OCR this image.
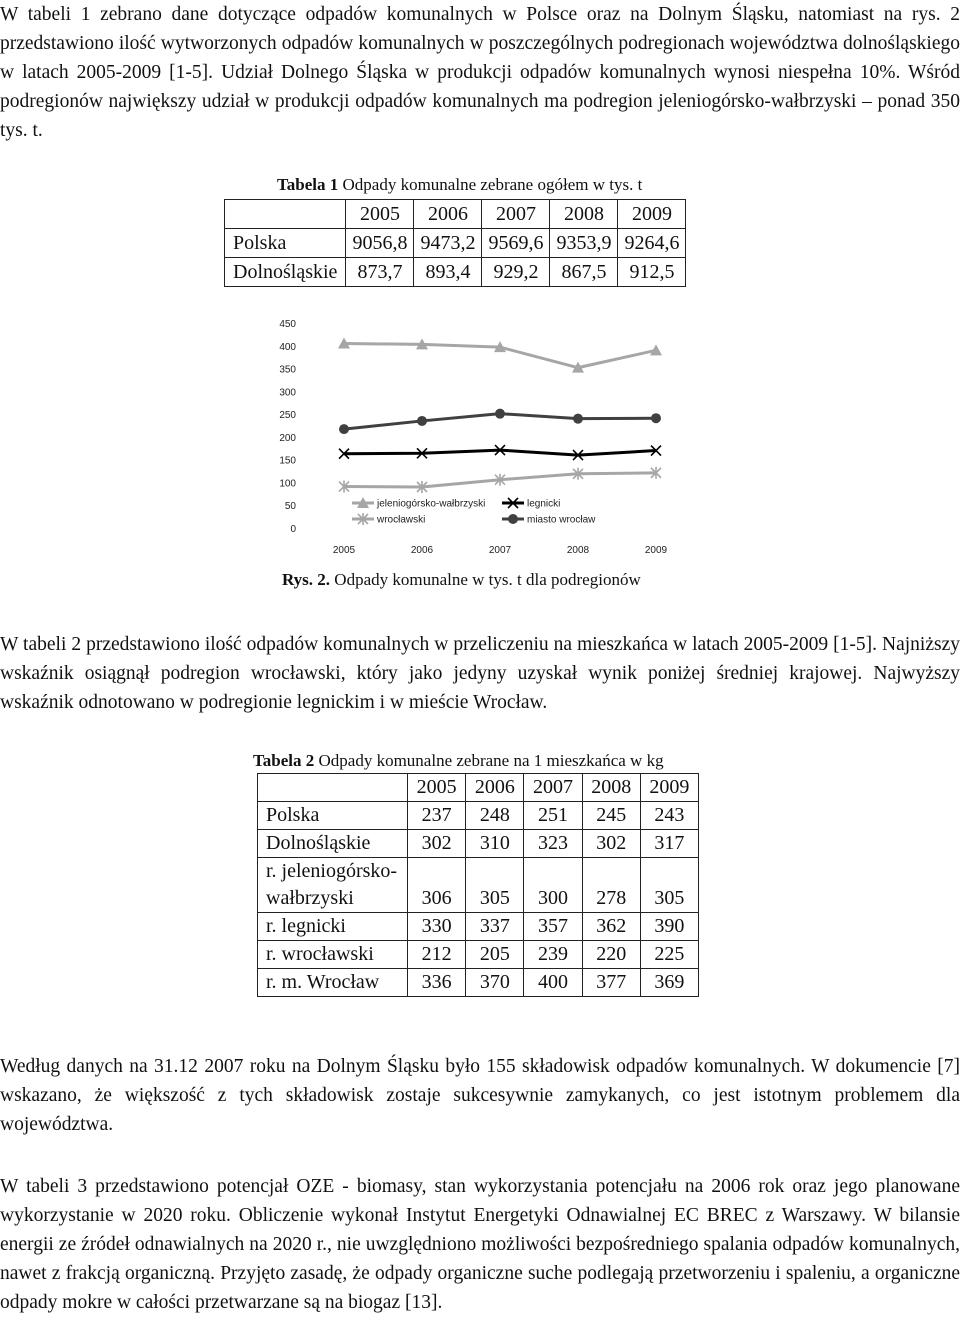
W tabeli 1 zebrano dane dotyczące odpadów komunalnych w Polsce oraz na Dolnym Śląsku, natomiast na rys. 2 przedstawiono ilość wytworzonych odpadów komunalnych w poszczególnych podregionach województwa dolnośląskiego w latach 2005-2009 [1-5]. Udział Dolnego Śląska w produkcji odpadów komunalnych wynosi niespełna 10%. Wśród podregionów największy udział w produkcji odpadów komunalnych ma podregion jeleniogórsko-wałbrzyski – ponad 350 tys. t.

Tabela 1 Odpady komunalne zebrane ogółem w tys. t
	2005	2006	2007	2008	2009
Polska	9056,8	9473,2	9569,6	9353,9	9264,6
Dolnośląskie	873,7	893,4	929,2	867,5	912,5
0
50
100
150
200
250
300
350
400
450
2005	2006	2007	2008	2009
jeleniogórsko-wałbrzyski	legnicki
wrocławski	miasto wrocław
Rys. 2. Odpady komunalne w tys. t dla podregionów

W tabeli 2 przedstawiono ilość odpadów komunalnych w przeliczeniu na mieszkańca w latach 2005-2009 [1-5]. Najniższy wskaźnik osiągnął podregion wrocławski, który jako jedyny uzyskał wynik poniżej średniej krajowej. Najwyższy wskaźnik odnotowano w podregionie legnickim i w mieście Wrocław.

Tabela 2 Odpady komunalne zebrane na 1 mieszkańca w kg
	2005	2006	2007	2008	2009
Polska	237	248	251	245	243
Dolnośląskie	302	310	323	302	317
r. jeleniogórsko-wałbrzyski	306	305	300	278	305
r. legnicki	330	337	357	362	390
r. wrocławski	212	205	239	220	225
r. m. Wrocław	336	370	400	377	369

Według danych na 31.12 2007 roku na Dolnym Śląsku było 155 składowisk odpadów komunalnych. W dokumencie [7] wskazano, że większość z tych składowisk zostaje sukcesywnie zamykanych, co jest istotnym problemem dla województwa.

W tabeli 3 przedstawiono potencjał OZE - biomasy, stan wykorzystania potencjału na 2006 rok oraz jego planowane wykorzystanie w 2020 roku. Obliczenie wykonał Instytut Energetyki Odnawialnej EC BREC z Warszawy. W bilansie energii ze źródeł odnawialnych na 2020 r., nie uwzględniono możliwości bezpośredniego spalania odpadów komunalnych, nawet z frakcją organiczną. Przyjęto zasadę, że odpady organiczne suche podlegają przetworzeniu i spaleniu, a organiczne odpady mokre w całości przetwarzane są na biogaz [13].
